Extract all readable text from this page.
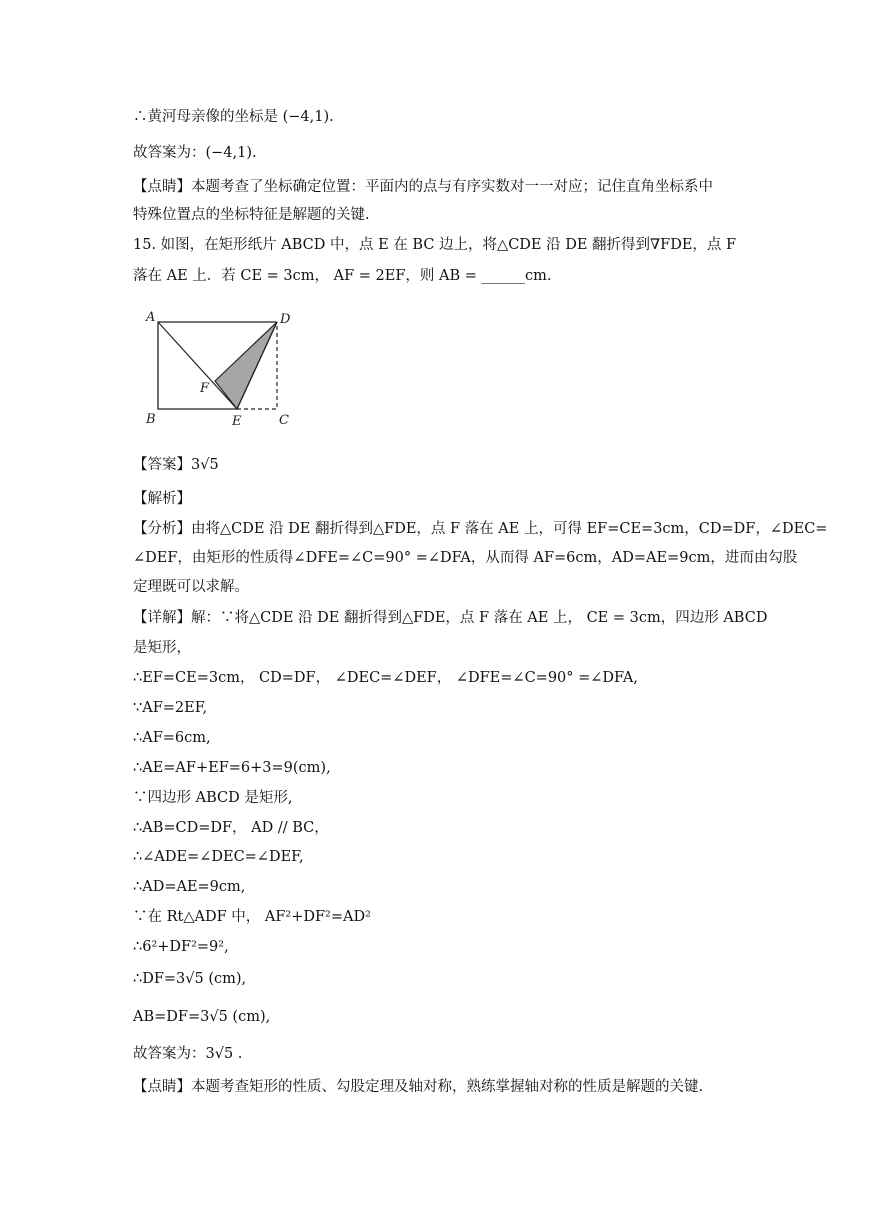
∴黄河母亲像的坐标是 (−4,1).
故答案为：(−4,1).
【点睛】本题考查了坐标确定位置：平面内的点与有序实数对一一对应；记住直角坐标系中
特殊位置点的坐标特征是解题的关键.
15. 如图，在矩形纸片 ABCD 中，点 E 在 BC 边上，将△CDE 沿 DE 翻折得到∇FDE，点 F
落在 AE 上．若 CE = 3cm， AF = 2EF，则 AB = ______cm.
A	D
B	E	C
F
【答案】3√5
【解析】
【分析】由将△CDE 沿 DE 翻折得到△FDE，点 F 落在 AE 上，可得 EF=CE=3cm，CD=DF，∠DEC=
∠DEF，由矩形的性质得∠DFE=∠C=90° =∠DFA，从而得 AF=6cm，AD=AE=9cm，进而由勾股
定理既可以求解。
【详解】解：∵将△CDE 沿 DE 翻折得到△FDE，点 F 落在 AE 上， CE = 3cm，四边形 ABCD
是矩形，
∴EF=CE=3cm， CD=DF， ∠DEC=∠DEF， ∠DFE=∠C=90° =∠DFA,
∵AF=2EF,
∴AF=6cm,
∴AE=AF+EF=6+3=9(cm),
∵四边形 ABCD 是矩形,
∴AB=CD=DF， AD // BC，
∴∠ADE=∠DEC=∠DEF,
∴AD=AE=9cm,
∵在 Rt△ADF 中， AF²+DF²=AD²
∴6²+DF²=9²,
∴DF=3√5 (cm),
AB=DF=3√5 (cm),
故答案为：3√5 .
【点睛】本题考查矩形的性质、勾股定理及轴对称，熟练掌握轴对称的性质是解题的关键.
